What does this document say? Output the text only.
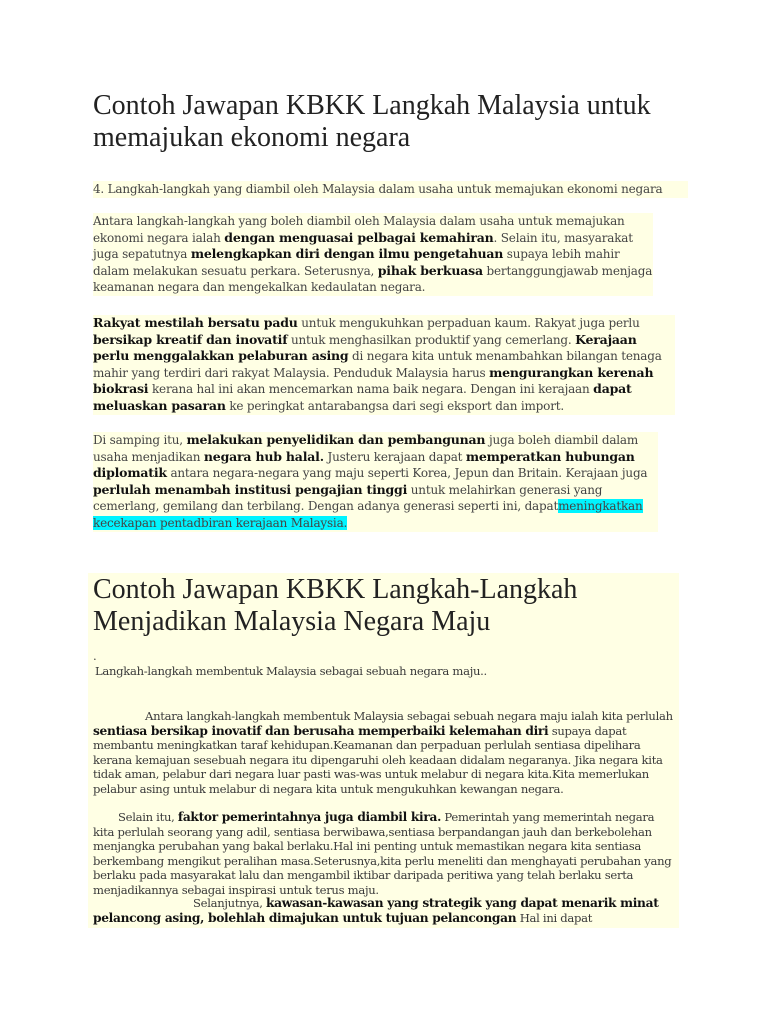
Contoh Jawapan KBKK Langkah Malaysia untuk memajukan ekonomi negara

4. Langkah-langkah yang diambil oleh Malaysia dalam usaha untuk memajukan ekonomi negara

Antara langkah-langkah yang boleh diambil oleh Malaysia dalam usaha untuk memajukan ekonomi negara ialah dengan menguasai pelbagai kemahiran. Selain itu, masyarakat juga sepatutnya melengkapkan diri dengan ilmu pengetahuan supaya lebih mahir dalam melakukan sesuatu perkara. Seterusnya, pihak berkuasa bertanggungjawab menjaga keamanan negara dan mengekalkan kedaulatan negara.

Rakyat mestilah bersatu padu untuk mengukuhkan perpaduan kaum. Rakyat juga perlu bersikap kreatif dan inovatif untuk menghasilkan produktif yang cemerlang. Kerajaan perlu menggalakkan pelaburan asing di negara kita untuk menambahkan bilangan tenaga mahir yang terdiri dari rakyat Malaysia. Penduduk Malaysia harus mengurangkan kerenah biokrasi kerana hal ini akan mencemarkan nama baik negara. Dengan ini kerajaan dapat meluaskan pasaran ke peringkat antarabangsa dari segi eksport dan import.

Di samping itu, melakukan penyelidikan dan pembangunan juga boleh diambil dalam usaha menjadikan negara hub halal. Justeru kerajaan dapat memperatkan hubungan diplomatik antara negara-negara yang maju seperti Korea, Jepun dan Britain. Kerajaan juga perlulah menambah institusi pengajian tinggi untuk melahirkan generasi yang cemerlang, gemilang dan terbilang. Dengan adanya generasi seperti ini, dapatmeningkatkan kecekapan pentadbiran kerajaan Malaysia.

Contoh Jawapan KBKK Langkah-Langkah Menjadikan Malaysia Negara Maju

.

Langkah-langkah membentuk Malaysia sebagai sebuah negara maju..

Antara langkah-langkah membentuk Malaysia sebagai sebuah negara maju ialah kita perlulah sentiasa bersikap inovatif dan berusaha memperbaiki kelemahan diri supaya dapat membantu meningkatkan taraf kehidupan.Keamanan dan perpaduan perlulah sentiasa dipelihara kerana kemajuan sesebuah negara itu dipengaruhi oleh keadaan didalam negaranya. Jika negara kita tidak aman, pelabur dari negara luar pasti was-was untuk melabur di negara kita.Kita memerlukan pelabur asing untuk melabur di negara kita untuk mengukuhkan kewangan negara.

Selain itu, faktor pemerintahnya juga diambil kira. Pemerintah yang memerintah negara kita perlulah seorang yang adil, sentiasa berwibawa,sentiasa berpandangan jauh dan berkebolehan menjangka perubahan yang bakal berlaku.Hal ini penting untuk memastikan negara kita sentiasa berkembang mengikut peralihan masa.Seterusnya,kita perlu meneliti dan menghayati perubahan yang berlaku pada masyarakat lalu dan mengambil iktibar daripada peritiwa yang telah berlaku serta menjadikannya sebagai inspirasi untuk terus maju.

Selanjutnya, kawasan-kawasan yang strategik yang dapat menarik minat pelancong asing, bolehlah dimajukan untuk tujuan pelancongan Hal ini dapat
